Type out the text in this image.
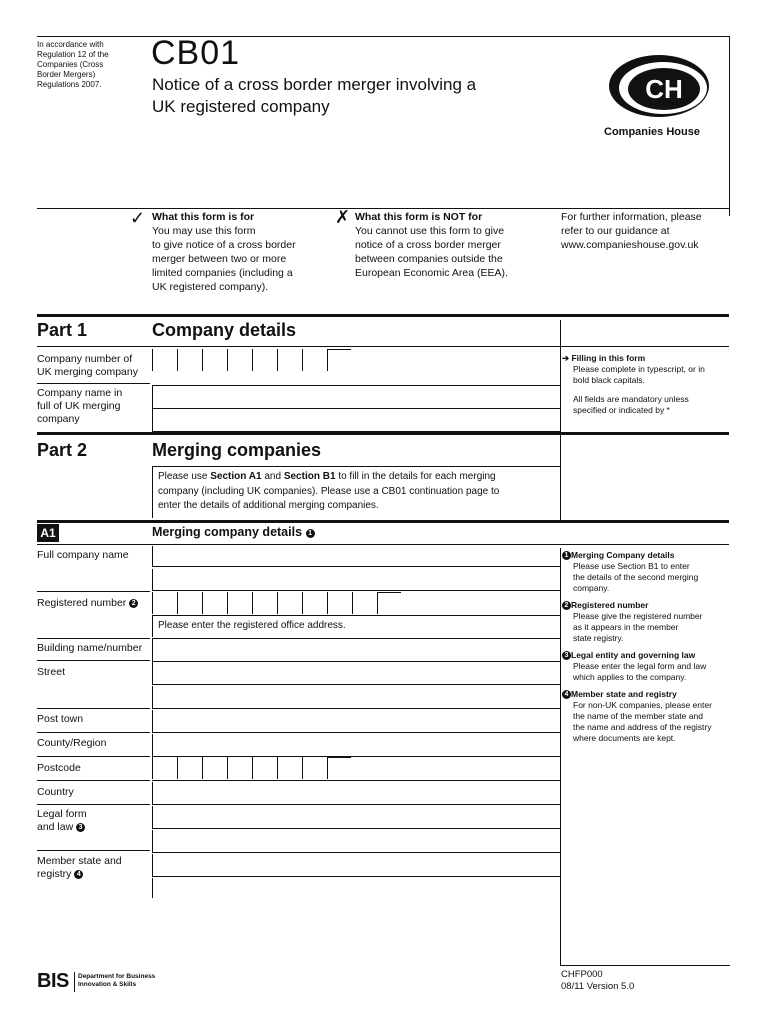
In accordance with
Regulation 12 of the
Companies (Cross
Border Mergers)
Regulations 2007.
CB01
Notice of a cross border merger involving a
UK registered company
CH
Companies House
✓ What this form is for
You may use this form
to give notice of a cross border
merger between two or more
limited companies (including a
UK registered company).
✗ What this form is NOT for
You cannot use this form to give
notice of a cross border merger
between companies outside the
European Economic Area (EEA).
For further information, please
refer to our guidance at
www.companieshouse.gov.uk
Part 1	Company details
Company number of
UK merging company
Company name in
full of UK merging
company
➔ Filling in this form
Please complete in typescript, or in
bold black capitals.
All fields are mandatory unless
specified or indicated by *
Part 2	Merging companies
Please use Section A1 and Section B1 to fill in the details for each merging
company (including UK companies). Please use a CB01 continuation page to
enter the details of additional merging companies.
A1	Merging company details 1
Full company name
Registered number 2
Building name/number
Street
Post town
County/Region
Postcode
Country
Legal form
and law 3
Member state and
registry 4
Please enter the registered office address.
1 Merging Company details
Please use Section B1 to enter
the details of the second merging
company.
2 Registered number
Please give the registered number
as it appears in the member
state registry.
3 Legal entity and governing law
Please enter the legal form and law
which applies to the company.
4 Member state and registry
For non-UK companies, please enter
the name of the member state and
the name and address of the registry
where documents are kept.
BIS Department for Business
Innovation & Skills
CHFP000
08/11 Version 5.0
